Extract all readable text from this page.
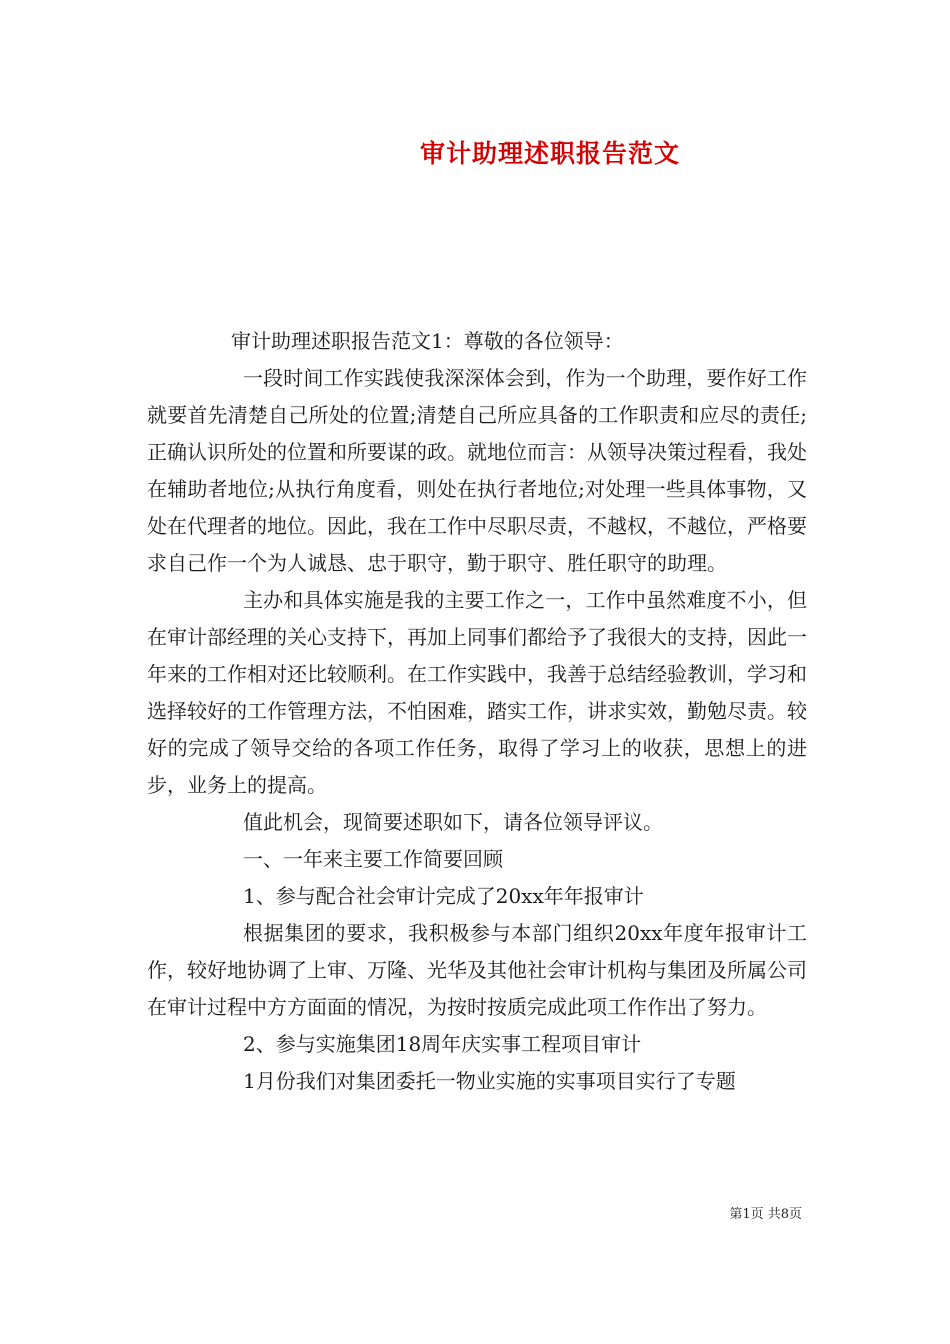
审计助理述职报告范文

审计助理述职报告范文1：尊敬的各位领导：

一段时间工作实践使我深深体会到，作为一个助理，要作好工作就要首先清楚自己所处的位置;清楚自己所应具备的工作职责和应尽的责任;正确认识所处的位置和所要谋的政。就地位而言：从领导决策过程看，我处在辅助者地位;从执行角度看，则处在执行者地位;对处理一些具体事物，又处在代理者的地位。因此，我在工作中尽职尽责，不越权，不越位，严格要求自己作一个为人诚恳、忠于职守，勤于职守、胜任职守的助理。

主办和具体实施是我的主要工作之一，工作中虽然难度不小，但在审计部经理的关心支持下，再加上同事们都给予了我很大的支持，因此一年来的工作相对还比较顺利。在工作实践中，我善于总结经验教训，学习和选择较好的工作管理方法，不怕困难，踏实工作，讲求实效，勤勉尽责。较好的完成了领导交给的各项工作任务，取得了学习上的收获，思想上的进步，业务上的提高。

值此机会，现简要述职如下，请各位领导评议。

一、一年来主要工作简要回顾

1、参与配合社会审计完成了20xx年年报审计

根据集团的要求，我积极参与本部门组织20xx年度年报审计工作，较好地协调了上审、万隆、光华及其他社会审计机构与集团及所属公司在审计过程中方方面面的情况，为按时按质完成此项工作作出了努力。

2、参与实施集团18周年庆实事工程项目审计

1月份我们对集团委托一物业实施的实事项目实行了专题

第1页 共8页
